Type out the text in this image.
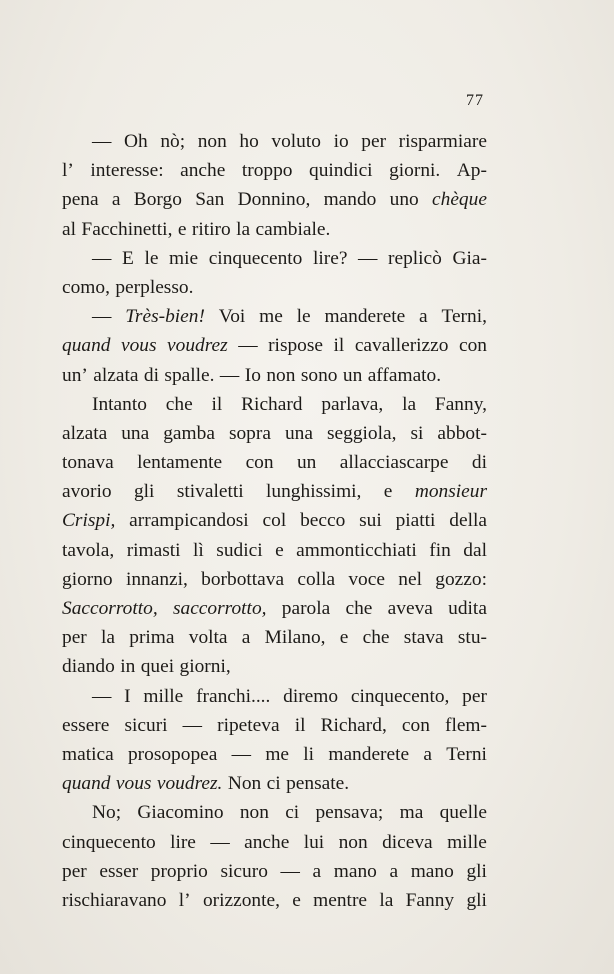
77
— Oh nò; non ho voluto io per risparmiare
l’ interesse: anche troppo quindici giorni. Ap-
pena a Borgo San Donnino, mando uno chèque
al Facchinetti, e ritiro la cambiale.
— E le mie cinquecento lire? — replicò Gia-
como, perplesso.
— Très-bien! Voi me le manderete a Terni,
quand vous voudrez — rispose il cavallerizzo con
un’ alzata di spalle. — Io non sono un affamato.
Intanto che il Richard parlava, la Fanny,
alzata una gamba sopra una seggiola, si abbot-
tonava lentamente con un allacciascarpe di
avorio gli stivaletti lunghissimi, e monsieur
Crispi, arrampicandosi col becco sui piatti della
tavola, rimasti lì sudici e ammonticchiati fin dal
giorno innanzi, borbottava colla voce nel gozzo:
Saccorrotto, saccorrotto, parola che aveva udita
per la prima volta a Milano, e che stava stu-
diando in quei giorni,
— I mille franchi.... diremo cinquecento, per
essere sicuri — ripeteva il Richard, con flem-
matica prosopopea — me li manderete a Terni
quand vous voudrez. Non ci pensate.
No; Giacomino non ci pensava; ma quelle
cinquecento lire — anche lui non diceva mille
per esser proprio sicuro — a mano a mano gli
rischiaravano l’ orizzonte, e mentre la Fanny gli
